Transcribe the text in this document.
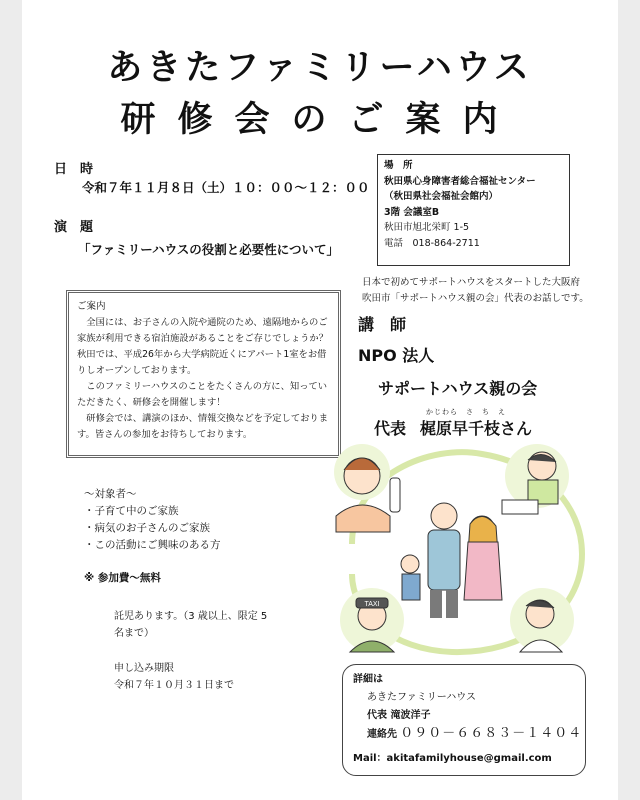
あきたファミリーハウス
研修会のご案内
日　時
令和７年１１月８日（土）１０：００～１２：００
演　題
「ファミリーハウスの役割と必要性について」
場　所
秋田県心身障害者総合福祉センター
（秋田県社会福祉会館内）
3階 会議室B
秋田市旭北栄町 1-5
電話　018-864-2711
日本で初めてサポートハウスをスタートした大阪府
吹田市「サポートハウス親の会」代表のお話しです。
ご案内

全国には、お子さんの入院や通院のため、遠隔地からのご家族が利用できる宿泊施設があることをご存じでしょうか？ 秋田では、平成26年から大学病院近くにアパート1室をお借りしオープンしております。

このファミリーハウスのことをたくさんの方に、知っていただきたく、研修会を開催します！

研修会では、講演のほか、情報交換などを予定しております。皆さんの参加をお待ちしております。

講　師
NPO 法人
サポートハウス親の会
かじわら　さ　ち　え
代表 梶原早千枝さん
～対象者～
・子育て中のご家族
・病気のお子さんのご家族
・この活動にご興味のある方
※ 参加費～無料
託児あります。（3 歳以上、限定 5
名まで）
申し込み期限
令和７年１０月３１日まで
TAXI
詳細は
あきたファミリーハウス
代表 滝波洋子
連絡先 ０９０－６６８３－１４０４
Mail：akitafamilyhouse@gmail.com
